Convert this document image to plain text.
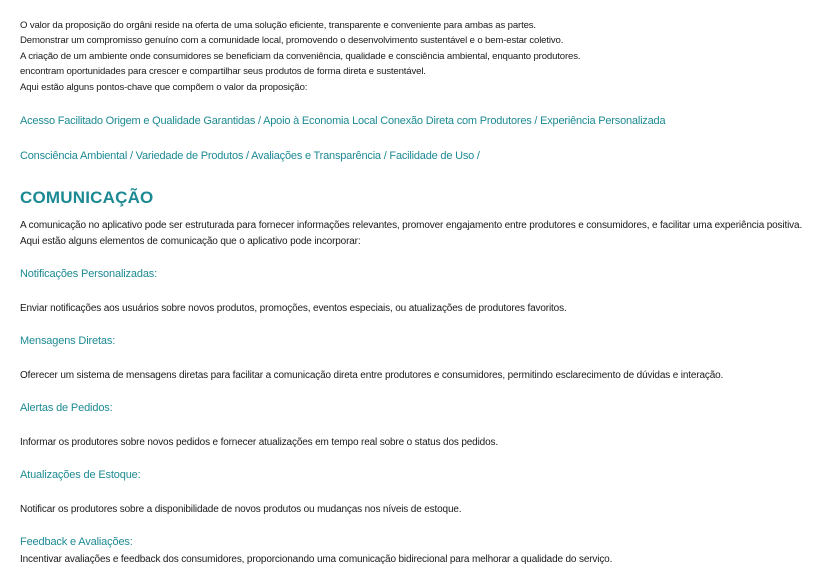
O valor da proposição do orgâni reside na oferta de uma solução eficiente, transparente e conveniente para ambas as partes.

Demonstrar um compromisso genuíno com a comunidade local, promovendo o desenvolvimento sustentável e o bem-estar coletivo.

A criação de um ambiente onde consumidores se beneficiam da conveniência, qualidade e consciência ambiental, enquanto produtores.

encontram oportunidades para crescer e compartilhar seus produtos de forma direta e sustentável.

Aqui estão alguns pontos-chave que compõem o valor da proposição:

Acesso Facilitado Origem e Qualidade Garantidas / Apoio à Economia Local Conexão Direta com Produtores / Experiência Personalizada

Consciência Ambiental / Variedade de Produtos / Avaliações e Transparência / Facilidade de Uso /

COMUNICAÇÃO

A comunicação no aplicativo pode ser estruturada para fornecer informações relevantes, promover engajamento entre produtores e consumidores, e facilitar uma experiência positiva.

Aqui estão alguns elementos de comunicação que o aplicativo pode incorporar:

Notificações Personalizadas:

Enviar notificações aos usuários sobre novos produtos, promoções, eventos especiais, ou atualizações de produtores favoritos.

Mensagens Diretas:

Oferecer um sistema de mensagens diretas para facilitar a comunicação direta entre produtores e consumidores, permitindo esclarecimento de dúvidas e interação.

Alertas de Pedidos:

Informar os produtores sobre novos pedidos e fornecer atualizações em tempo real sobre o status dos pedidos.

Atualizações de Estoque:

Notificar os produtores sobre a disponibilidade de novos produtos ou mudanças nos níveis de estoque.

Feedback e Avaliações:

Incentivar avaliações e feedback dos consumidores, proporcionando uma comunicação bidirecional para melhorar a qualidade do serviço.
